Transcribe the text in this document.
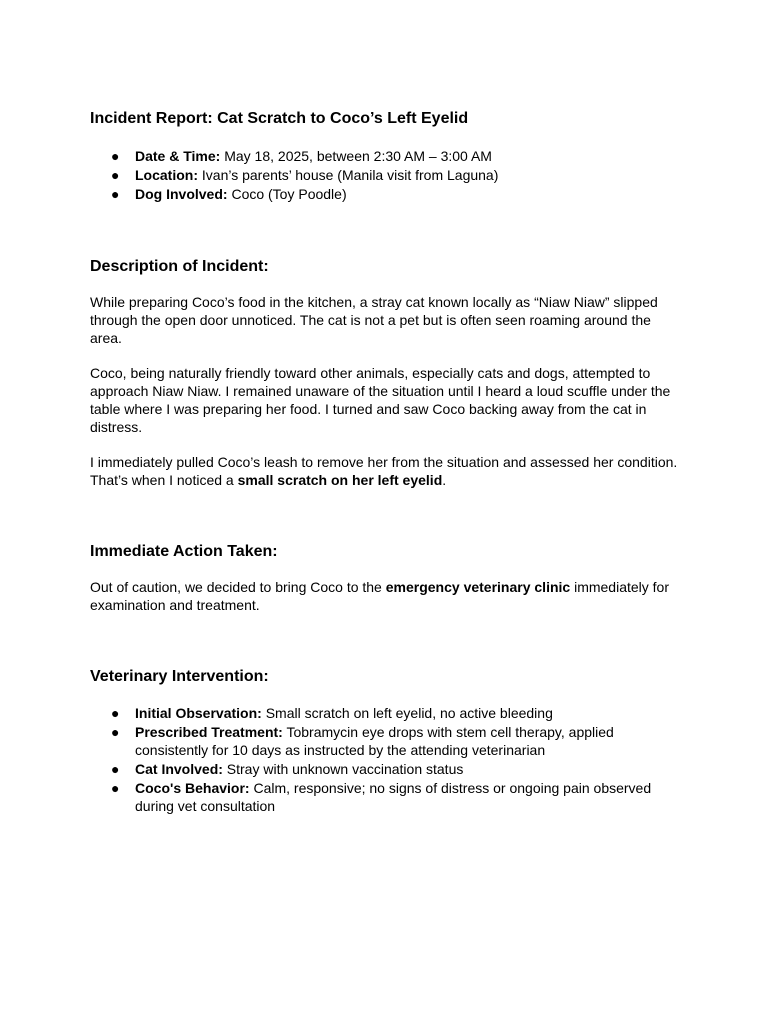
Incident Report: Cat Scratch to Coco’s Left Eyelid
● Date & Time: May 18, 2025, between 2:30 AM – 3:00 AM
● Location: Ivan’s parents’ house (Manila visit from Laguna)
● Dog Involved: Coco (Toy Poodle)
Description of Incident:

While preparing Coco’s food in the kitchen, a stray cat known locally as “Niaw Niaw” slipped through the open door unnoticed. The cat is not a pet but is often seen roaming around the area.

Coco, being naturally friendly toward other animals, especially cats and dogs, attempted to approach Niaw Niaw. I remained unaware of the situation until I heard a loud scuffle under the table where I was preparing her food. I turned and saw Coco backing away from the cat in distress.

I immediately pulled Coco’s leash to remove her from the situation and assessed her condition. That’s when I noticed a small scratch on her left eyelid.

Immediate Action Taken:

Out of caution, we decided to bring Coco to the emergency veterinary clinic immediately for examination and treatment.

Veterinary Intervention:
● Initial Observation: Small scratch on left eyelid, no active bleeding
● Prescribed Treatment: Tobramycin eye drops with stem cell therapy, applied consistently for 10 days as instructed by the attending veterinarian
● Cat Involved: Stray with unknown vaccination status
● Coco's Behavior: Calm, responsive; no signs of distress or ongoing pain observed during vet consultation
